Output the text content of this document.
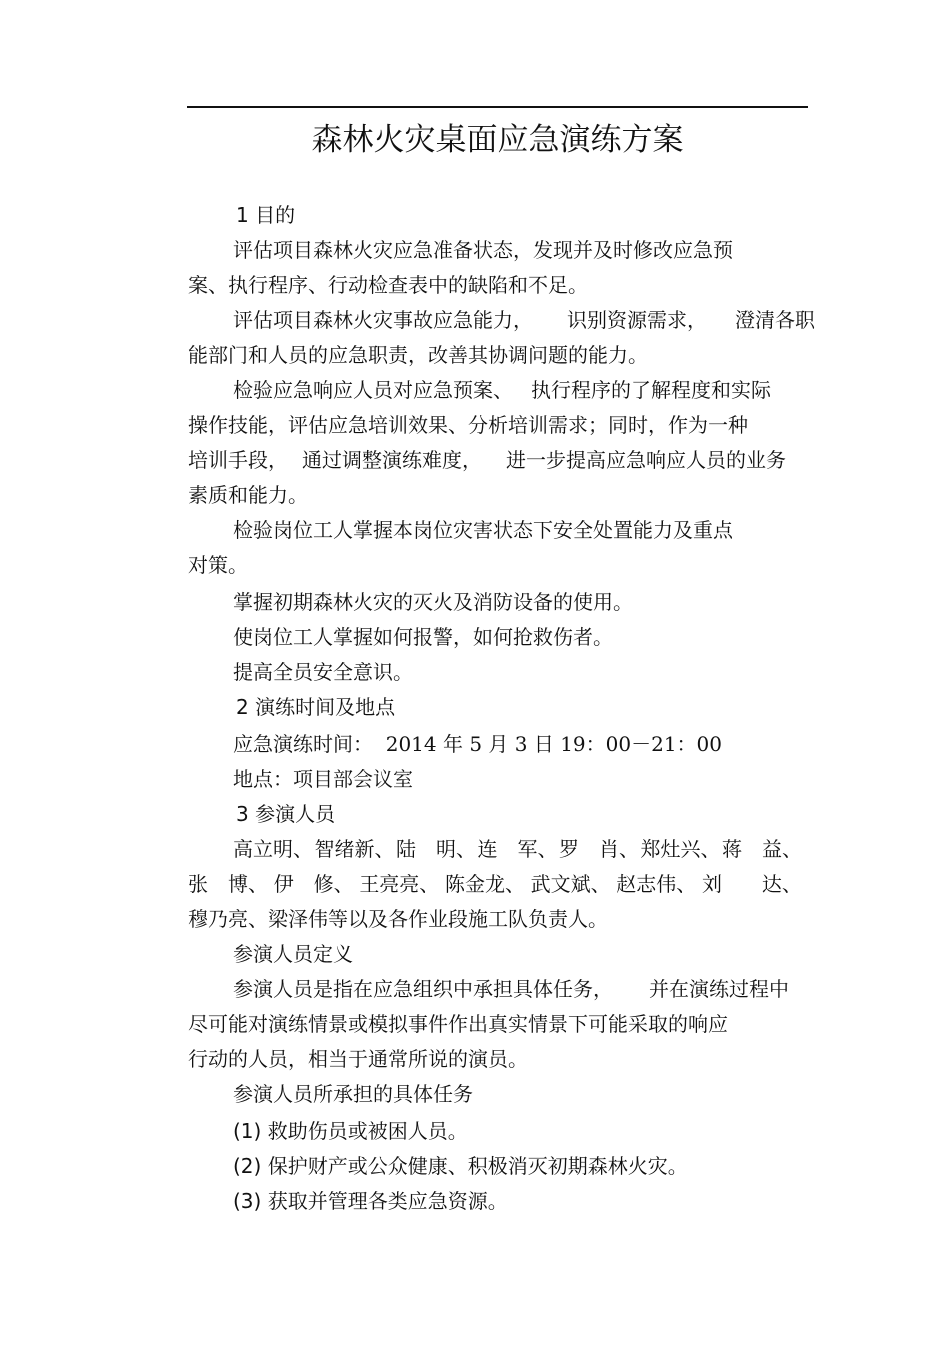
森林火灾桌面应急演练方案
1 目的
评估项目森林火灾应急准备状态，发现并及时修改应急预
案、执行程序、行动检查表中的缺陷和不足。
评估项目森林火灾事故应急能力， 识别资源需求， 澄清各职
能部门和人员的应急职责，改善其协调问题的能力。
检验应急响应人员对应急预案、 执行程序的了解程度和实际
操作技能，评估应急培训效果、分析培训需求；同时，作为一种
培训手段， 通过调整演练难度， 进一步提高应急响应人员的业务
素质和能力。
检验岗位工人掌握本岗位灾害状态下安全处置能力及重点
对策。
掌握初期森林火灾的灭火及消防设备的使用。
使岗位工人掌握如何报警，如何抢救伤者。
提高全员安全意识。
2 演练时间及地点
应急演练时间：  2014 年 5 月 3 日 19：00－21：00
地点：项目部会议室
3 参演人员
高立明、 智绪新、 陆　明、 连　军、 罗　肖、 郑灶兴、 蒋　益、
张　博、 伊　修、 王亮亮、 陈金龙、 武文斌、 赵志伟、 刘　　达、
穆乃亮、梁泽伟等以及各作业段施工队负责人。
参演人员定义
参演人员是指在应急组织中承担具体任务， 并在演练过程中
尽可能对演练情景或模拟事件作出真实情景下可能采取的响应
行动的人员，相当于通常所说的演员。
参演人员所承担的具体任务
(1) 救助伤员或被困人员。
(2) 保护财产或公众健康、积极消灭初期森林火灾。
(3) 获取并管理各类应急资源。
